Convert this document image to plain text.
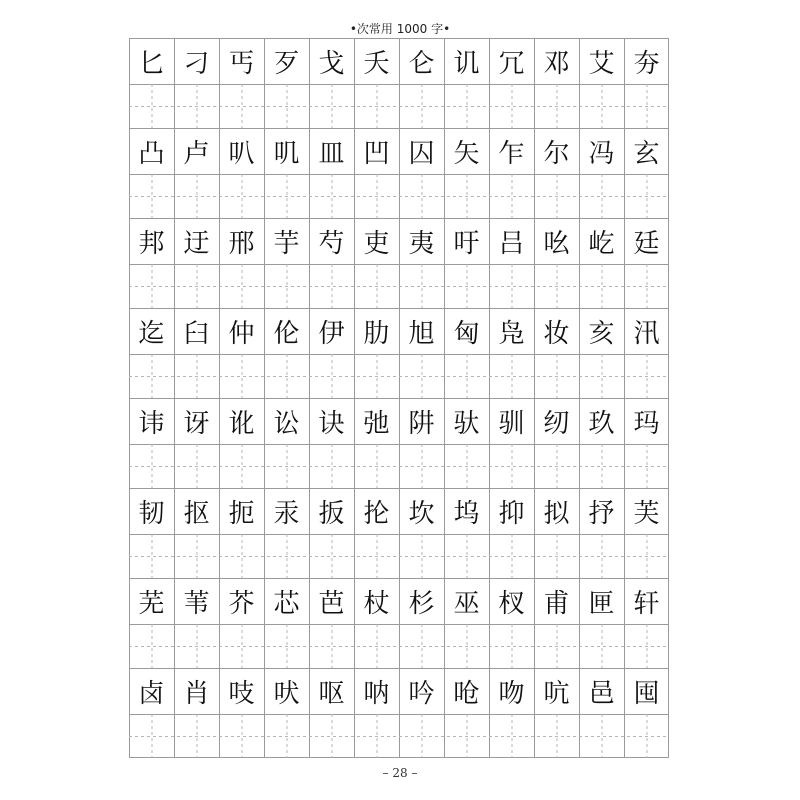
•次常用 1000 字•
匕 刁 丐 歹 戈 夭 仑 讥 冗 邓 艾 夯
凸 卢 叭 叽 皿 凹 囚 矢 乍 尔 冯 玄
邦 迂 邢 芋 芍 吏 夷 吁 吕 吆 屹 廷
迄 臼 仲 伦 伊 肋 旭 匈 凫 妆 亥 汛
讳 讶 讹 讼 诀 弛 阱 驮 驯 纫 玖 玛
韧 抠 扼 汞 扳 抡 坎 坞 抑 拟 抒 芙
芜 苇 芥 芯 芭 杖 杉 巫 杈 甫 匣 轩
卤 肖 吱 吠 呕 呐 吟 呛 吻 吭 邑 囤
– 28 –
